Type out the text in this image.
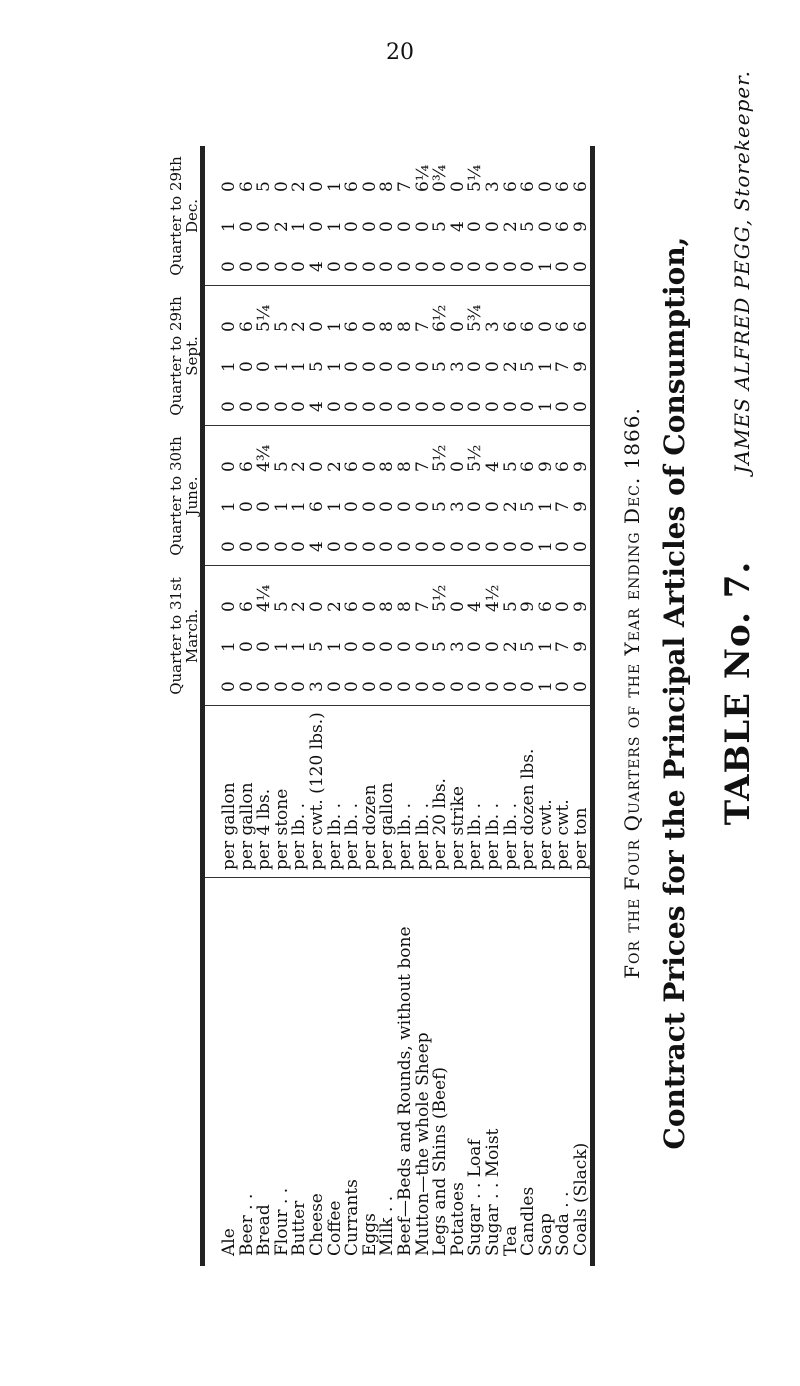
20
TABLE No. 7.
Contract Prices for the Principal Articles of Consumption,
For the Four Quarters of the Year ending Dec. 1866.
Ale
Beer . .
Bread
Flour . .
Butter
Cheese
Coffee
Currants
Eggs
Milk . .
Beef—Beds and Rounds, without bone
Mutton—the whole Sheep
Legs and Shins (Beef)
Potatoes
Sugar . . Loaf
Sugar . . Moist
Tea
Candles
Soap
Soda . .
Coals (Slack)
per gallon
per gallon
per 4 lbs.
per stone
per lb. .
per cwt. (120 lbs.)
per lb. .
per lb. .
per dozen
per gallon
per lb. .
per lb. .
per 20 lbs.
per strike
per lb. .
per lb. .
per lb. .
per dozen lbs.
per cwt.
per cwt.
per ton
0
0
0
0
0
3
0
0
0
0
0
0
0
0
0
0
0
0
1
0
0
1
0
0
1
1
5
1
0
0
0
0
0
5
3
0
0
2
5
1
7
9
0
6
4¼
5
2
0
2
6
0
8
8
7
5½
0
4
4½
5
9
6
0
9
0
0
0
0
0
4
0
0
0
0
0
0
0
0
0
0
0
0
1
0
0
1
0
0
1
1
6
1
0
0
0
0
0
5
3
0
0
2
5
1
7
9
0
6
4¾
5
2
0
2
6
0
8
8
7
5½
0
5½
4
5
6
9
6
9
0
0
0
0
0
4
0
0
0
0
0
0
0
0
0
0
0
0
1
0
0
1
0
0
1
1
5
1
0
0
0
0
0
5
3
0
0
2
5
1
7
9
0
6
5¼
5
2
0
1
6
0
8
8
7
6½
0
5¾
3
6
6
0
6
6
0
0
0
0
0
4
0
0
0
0
0
0
0
0
0
0
0
0
1
0
0
1
0
0
2
1
0
1
0
0
0
0
0
5
4
0
0
2
5
0
6
9
0
6
5
0
2
0
1
6
0
8
7
6¼
0¾
0
5¼
3
6
6
0
6
6	JAMES ALFRED PEGG, Storekeeper.
Quarter to 31st March.
Quarter to 30th June.
Quarter to 29th Sept.
Quarter to 29th Dec.
